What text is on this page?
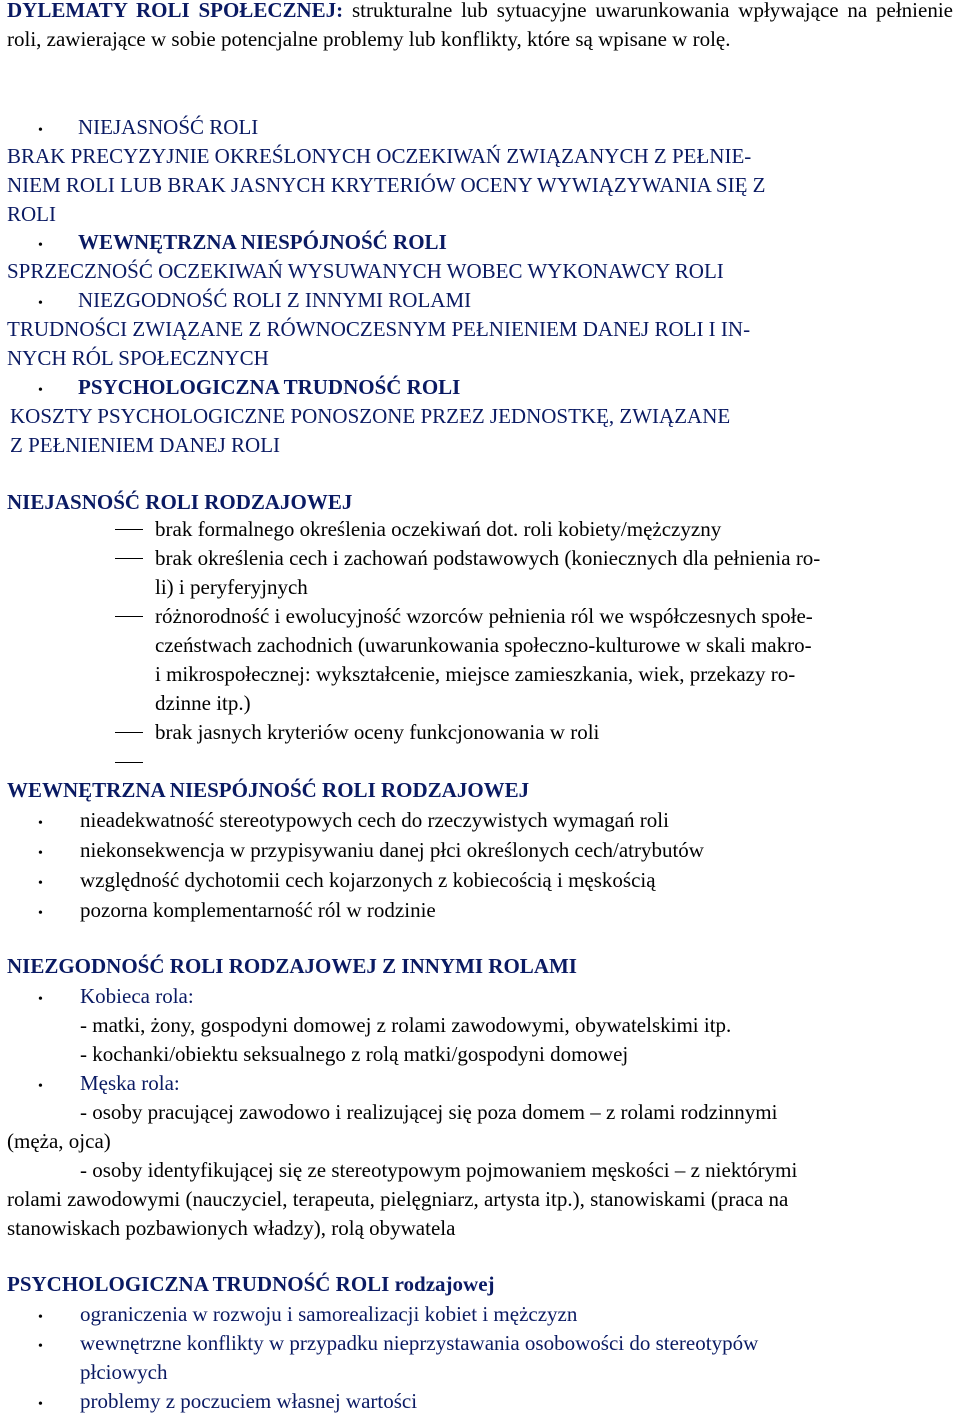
DYLEMATY ROLI SPOŁECZNEJ: strukturalne lub sytuacyjne uwarunkowania wpływające na pełnienie roli, zawierające w sobie potencjalne problemy lub konflikty, które są wpisane w rolę.
• NIEJASNOŚĆ ROLI
BRAK PRECYZYJNIE OKREŚLONYCH OCZEKIWAŃ ZWIĄZANYCH Z PEŁNIE-
NIEM ROLI LUB BRAK JASNYCH KRYTERIÓW OCENY WYWIĄZYWANIA SIĘ Z
ROLI
• WEWNĘTRZNA NIESPÓJNOŚĆ ROLI
SPRZECZNOŚĆ OCZEKIWAŃ WYSUWANYCH WOBEC WYKONAWCY ROLI
• NIEZGODNOŚĆ ROLI Z INNYMI ROLAMI
TRUDNOŚCI ZWIĄZANE Z RÓWNOCZESNYM PEŁNIENIEM DANEJ ROLI I IN-
NYCH RÓL SPOŁECZNYCH
• PSYCHOLOGICZNA TRUDNOŚĆ ROLI
KOSZTY PSYCHOLOGICZNE PONOSZONE PRZEZ JEDNOSTKĘ, ZWIĄZANE
Z PEŁNIENIEM DANEJ ROLI
NIEJASNOŚĆ ROLI RODZAJOWEJ
brak formalnego określenia oczekiwań dot. roli kobiety/mężczyzny
brak określenia cech i zachowań podstawowych (koniecznych dla pełnienia ro-
li) i peryferyjnych
różnorodność i ewolucyjność wzorców pełnienia ról we współczesnych społe-
czeństwach zachodnich (uwarunkowania społeczno-kulturowe w skali makro-
i mikrospołecznej: wykształcenie, miejsce zamieszkania, wiek, przekazy ro-
dzinne itp.)
brak jasnych kryteriów oceny funkcjonowania w roli
WEWNĘTRZNA NIESPÓJNOŚĆ ROLI RODZAJOWEJ
• nieadekwatność stereotypowych cech do rzeczywistych wymagań roli
• niekonsekwencja w przypisywaniu danej płci określonych cech/atrybutów
• względność dychotomii cech kojarzonych z kobiecością i męskością
• pozorna komplementarność ról w rodzinie
NIEZGODNOŚĆ ROLI RODZAJOWEJ Z INNYMI ROLAMI
• Kobieca rola:
- matki, żony, gospodyni domowej z rolami zawodowymi, obywatelskimi itp.
- kochanki/obiektu seksualnego z rolą matki/gospodyni domowej
• Męska rola:
- osoby pracującej zawodowo i realizującej się poza domem – z rolami rodzinnymi
(męża, ojca)
- osoby identyfikującej się ze stereotypowym pojmowaniem męskości – z niektórymi
rolami zawodowymi (nauczyciel, terapeuta, pielęgniarz, artysta itp.), stanowiskami (praca na
stanowiskach pozbawionych władzy), rolą obywatela
PSYCHOLOGICZNA TRUDNOŚĆ ROLI rodzajowej
• ograniczenia w rozwoju i samorealizacji kobiet i mężczyzn
• wewnętrzne konflikty w przypadku nieprzystawania osobowości do stereotypów
płciowych
• problemy z poczuciem własnej wartości
